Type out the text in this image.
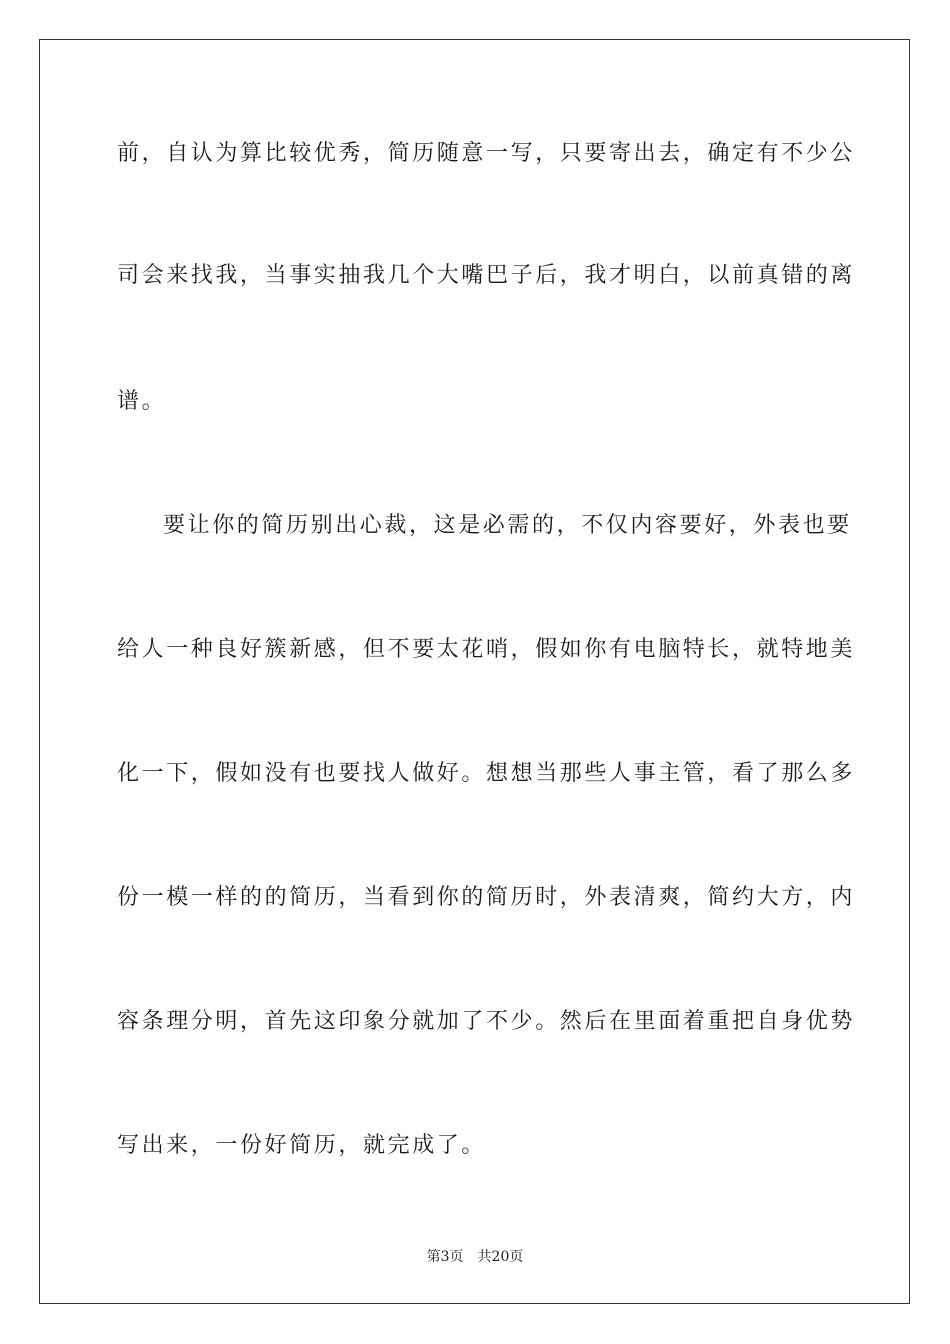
前，自认为算比较优秀，简历随意一写，只要寄出去，确定有不少公
司会来找我，当事实抽我几个大嘴巴子后，我才明白，以前真错的离
谱。
要让你的简历别出心裁，这是必需的，不仅内容要好，外表也要
给人一种良好簇新感，但不要太花哨，假如你有电脑特长，就特地美
化一下，假如没有也要找人做好。想想当那些人事主管，看了那么多
份一模一样的的简历，当看到你的简历时，外表清爽，简约大方，内
容条理分明，首先这印象分就加了不少。然后在里面着重把自身优势
写出来，一份好简历，就完成了。
第3页 共20页
